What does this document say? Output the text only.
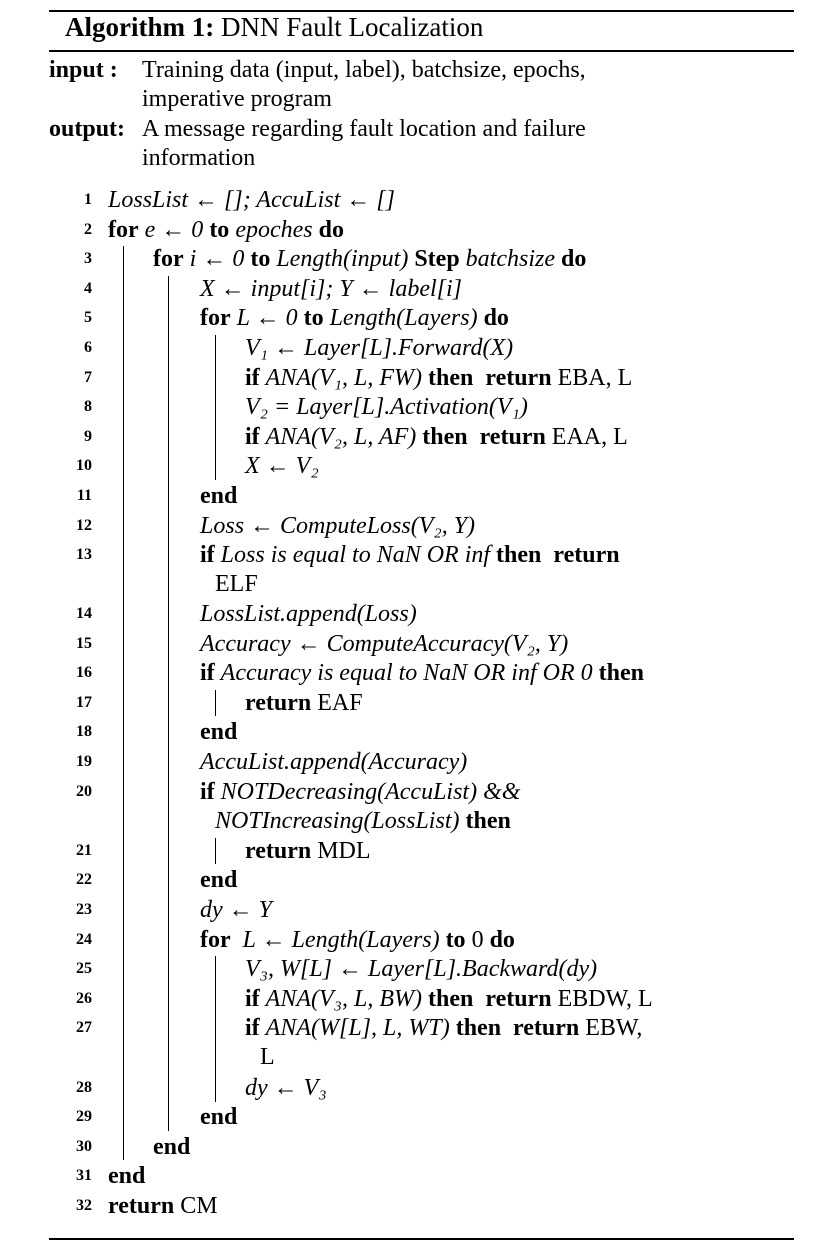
Algorithm 1: DNN Fault Localization
input : Training data (input, label), batchsize, epochs,
imperative program
output: A message regarding fault location and failure
information
1
2
3
4
5
6
7
8
9
10
11
12
13
14
15
16
17
18
19
20
21
22
23
24
25
26
27
28
29
30
31
32
LossList ← []; AccuList ← []
for e ← 0 to epoches do
for i ← 0 to Length(input) Step batchsize do
X ← input[i]; Y ← label[i]
for L ← 0 to Length(Layers) do
V₁ ← Layer[L].Forward(X)
if ANA(V₁, L, FW) then return EBA, L
V₂ = Layer[L].Activation(V₁)
if ANA(V₂, L, AF) then return EAA, L
X ← V₂
end
Loss ← ComputeLoss(V₂, Y)
if Loss is equal to NaN OR inf then return
ELF
LossList.append(Loss)
Accuracy ← ComputeAccuracy(V₂, Y)
if Accuracy is equal to NaN OR inf OR 0 then
return EAF
end
AccuList.append(Accuracy)
if NOTDecreasing(AccuList) &&
NOTIncreasing(LossList) then
return MDL
end
dy ← Y
for L ← Length(Layers) to 0 do
V₃, W[L] ← Layer[L].Backward(dy)
if ANA(V₃, L, BW) then return EBDW, L
if ANA(W[L], L, WT) then return EBW,
L
dy ← V₃
end
end
end
return CM
